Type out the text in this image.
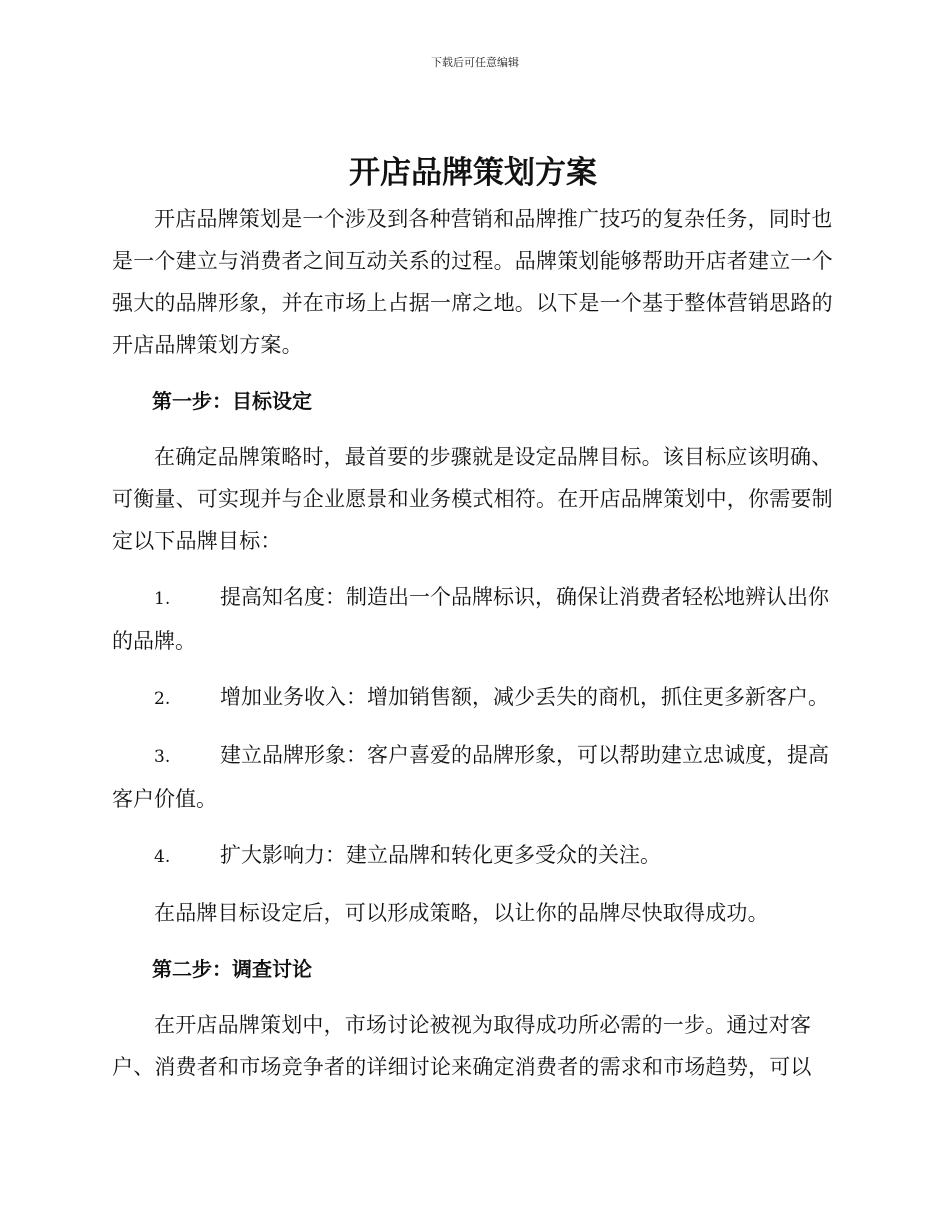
下载后可任意编辑
开店品牌策划方案

开店品牌策划是一个涉及到各种营销和品牌推广技巧的复杂任务，同时也是一个建立与消费者之间互动关系的过程。品牌策划能够帮助开店者建立一个强大的品牌形象，并在市场上占据一席之地。以下是一个基于整体营销思路的开店品牌策划方案。

第一步：目标设定

在确定品牌策略时，最首要的步骤就是设定品牌目标。该目标应该明确、可衡量、可实现并与企业愿景和业务模式相符。在开店品牌策划中，你需要制定以下品牌目标：

1. 提高知名度：制造出一个品牌标识，确保让消费者轻松地辨认出你的品牌。

2. 增加业务收入：增加销售额，减少丢失的商机，抓住更多新客户。

3. 建立品牌形象：客户喜爱的品牌形象，可以帮助建立忠诚度，提高客户价值。

4. 扩大影响力：建立品牌和转化更多受众的关注。

在品牌目标设定后，可以形成策略，以让你的品牌尽快取得成功。

第二步：调查讨论

在开店品牌策划中，市场讨论被视为取得成功所必需的一步。通过对客户、消费者和市场竞争者的详细讨论来确定消费者的需求和市场趋势，可以
